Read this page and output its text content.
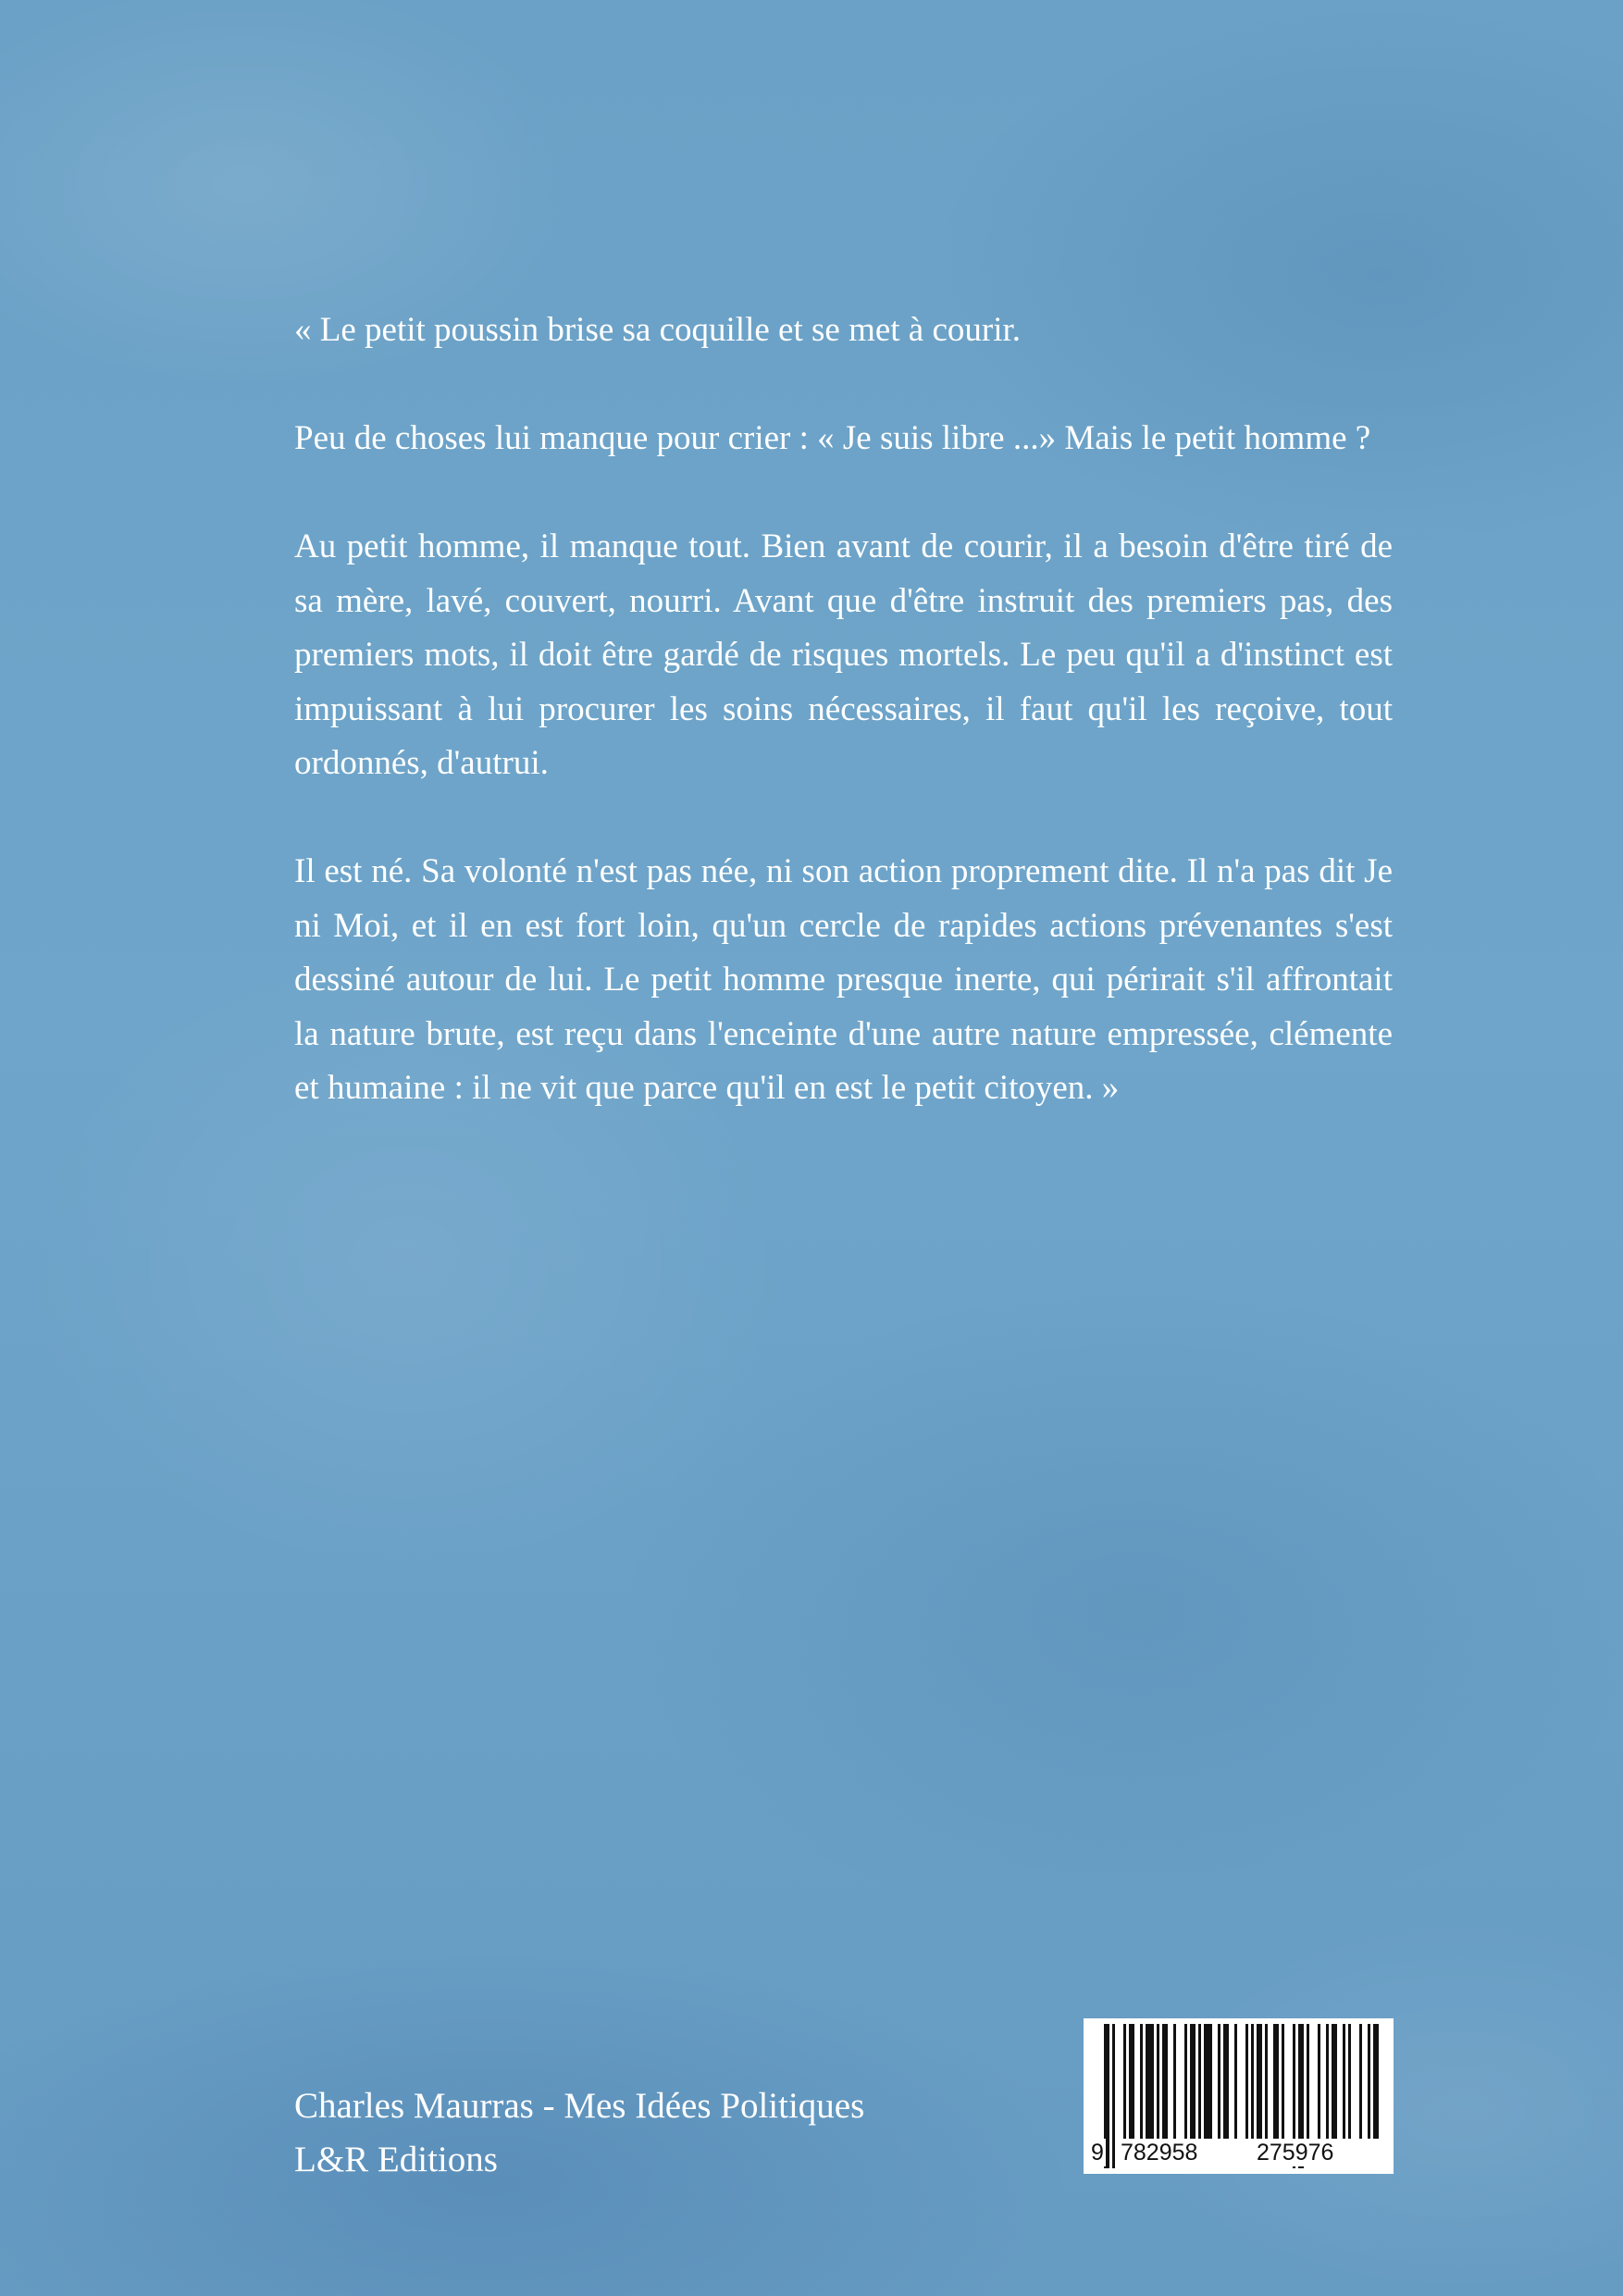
« Le petit poussin brise sa coquille et se met à courir.

Peu de choses lui manque pour crier : « Je suis libre ...» Mais le petit homme ?

Au petit homme, il manque tout. Bien avant de courir, il a besoin d'être tiré de sa mère, lavé, couvert, nourri. Avant que d'être instruit des premiers pas, des premiers mots, il doit être gardé de risques mortels. Le peu qu'il a d'instinct est impuissant à lui procurer les soins nécessaires, il faut qu'il les reçoive, tout ordonnés, d'autrui.

Il est né. Sa volonté n'est pas née, ni son action proprement dite. Il n'a pas dit Je ni Moi, et il en est fort loin, qu'un cercle de rapides actions prévenantes s'est dessiné autour de lui. Le petit homme presque inerte, qui périrait s'il affrontait la nature brute, est reçu dans l'enceinte d'une autre nature empressée, clémente et humaine : il ne vit que parce qu'il en est le petit citoyen. »

Charles Maurras - Mes Idées Politiques
L&R Editions	9 782958	275976
